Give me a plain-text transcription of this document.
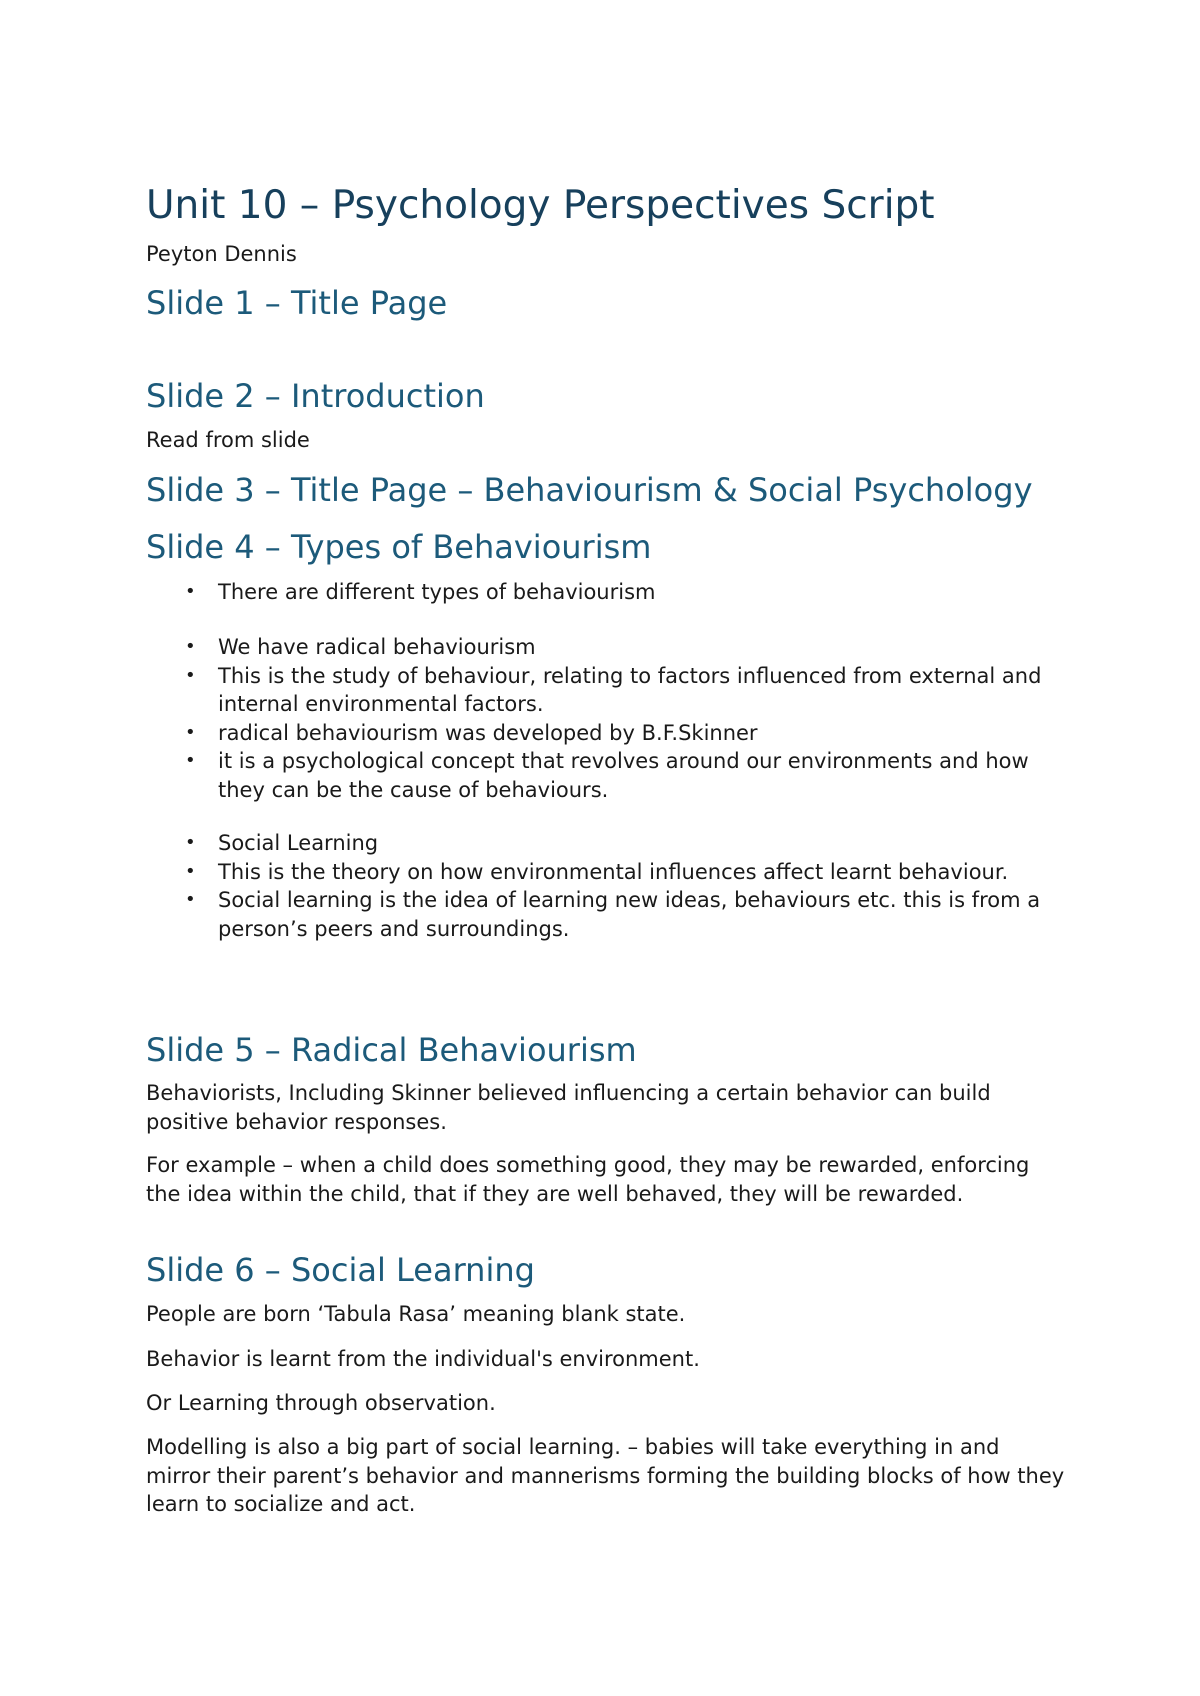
Unit 10 – Psychology Perspectives Script
Peyton Dennis
Slide 1 – Title Page
Slide 2 – Introduction

Read from slide

Slide 3 – Title Page – Behaviourism & Social Psychology
Slide 4 – Types of Behaviourism
• There are different types of behaviourism
• We have radical behaviourism
• This is the study of behaviour, relating to factors influenced from external and internal environmental factors.
• radical behaviourism was developed by B.F.Skinner
• it is a psychological concept that revolves around our environments and how they can be the cause of behaviours.
• Social Learning
• This is the theory on how environmental influences affect learnt behaviour.
• Social learning is the idea of learning new ideas, behaviours etc. this is from a person’s peers and surroundings.
Slide 5 – Radical Behaviourism

Behaviorists, Including Skinner believed influencing a certain behavior can build positive behavior responses.

For example – when a child does something good, they may be rewarded, enforcing the idea within the child, that if they are well behaved, they will be rewarded.

Slide 6 – Social Learning

People are born ‘Tabula Rasa’ meaning blank state.

Behavior is learnt from the individual's environment.

Or Learning through observation.

Modelling is also a big part of social learning. – babies will take everything in and mirror their parent’s behavior and mannerisms forming the building blocks of how they learn to socialize and act.
